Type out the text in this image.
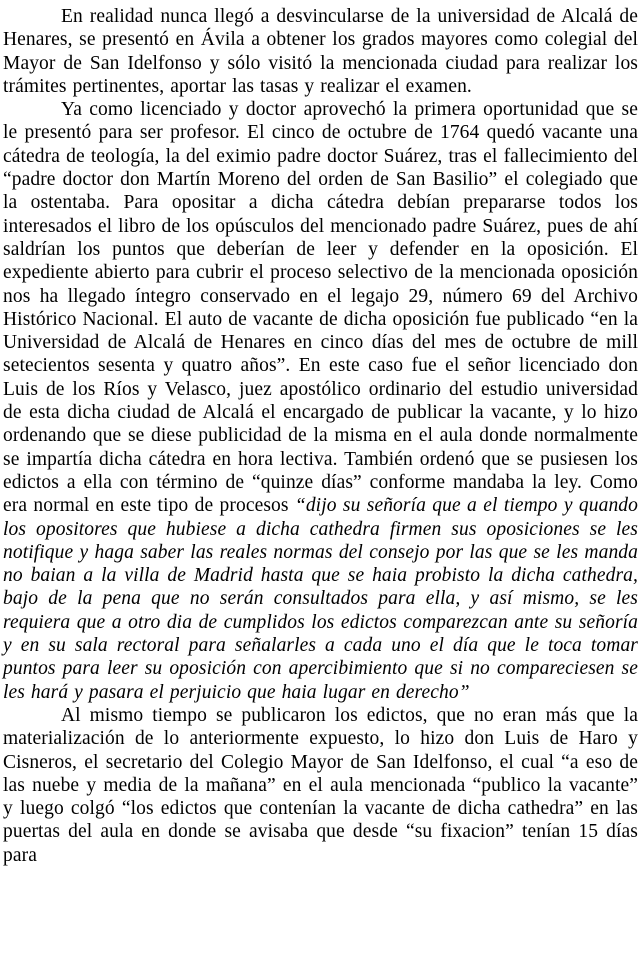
En realidad nunca llegó a desvincularse de la universidad de Alcalá de Henares, se presentó en Ávila a obtener los grados mayores como colegial del Mayor de San Idelfonso y sólo visitó la mencionada ciudad para realizar los trámites pertinentes, aportar las tasas y realizar el examen.

Ya como licenciado y doctor aprovechó la primera oportunidad que se le presentó para ser profesor. El cinco de octubre de 1764 quedó vacante una cátedra de teología, la del eximio padre doctor Suárez, tras el fallecimiento del “padre doctor don Martín Moreno del orden de San Basilio” el colegiado que la ostentaba. Para opositar a dicha cátedra debían prepararse todos los interesados el libro de los opúsculos del mencionado padre Suárez, pues de ahí saldrían los puntos que deberían de leer y defender en la oposición. El expediente abierto para cubrir el proceso selectivo de la mencionada oposición nos ha llegado íntegro conservado en el legajo 29, número 69 del Archivo Histórico Nacional. El auto de vacante de dicha oposición fue publicado “en la Universidad de Alcalá de Henares en cinco días del mes de octubre de mill setecientos sesenta y quatro años”. En este caso fue el señor licenciado don Luis de los Ríos y Velasco, juez apostólico ordinario del estudio universidad de esta dicha ciudad de Alcalá el encargado de publicar la vacante, y lo hizo ordenando que se diese publicidad de la misma en el aula donde normalmente se impartía dicha cátedra en hora lectiva. También ordenó que se pusiesen los edictos a ella con término de “quinze días” conforme mandaba la ley. Como era normal en este tipo de procesos “dijo su señoría que a el tiempo y quando los opositores que hubiese a dicha cathedra firmen sus oposiciones se les notifique y haga saber las reales normas del consejo por las que se les manda no baian a la villa de Madrid hasta que se haia probisto la dicha cathedra, bajo de la pena que no serán consultados para ella, y así mismo, se les requiera que a otro dia de cumplidos los edictos comparezcan ante su señoría y en su sala rectoral para señalarles a cada uno el día que le toca tomar puntos para leer su oposición con apercibimiento que si no compareciesen se les hará y pasara el perjuicio que haia lugar en derecho”

Al mismo tiempo se publicaron los edictos, que no eran más que la materialización de lo anteriormente expuesto, lo hizo don Luis de Haro y Cisneros, el secretario del Colegio Mayor de San Idelfonso, el cual “a eso de las nuebe y media de la mañana” en el aula mencionada “publico la vacante” y luego colgó “los edictos que contenían la vacante de dicha cathedra” en las puertas del aula en donde se avisaba que desde “su fixacion” tenían 15 días para
